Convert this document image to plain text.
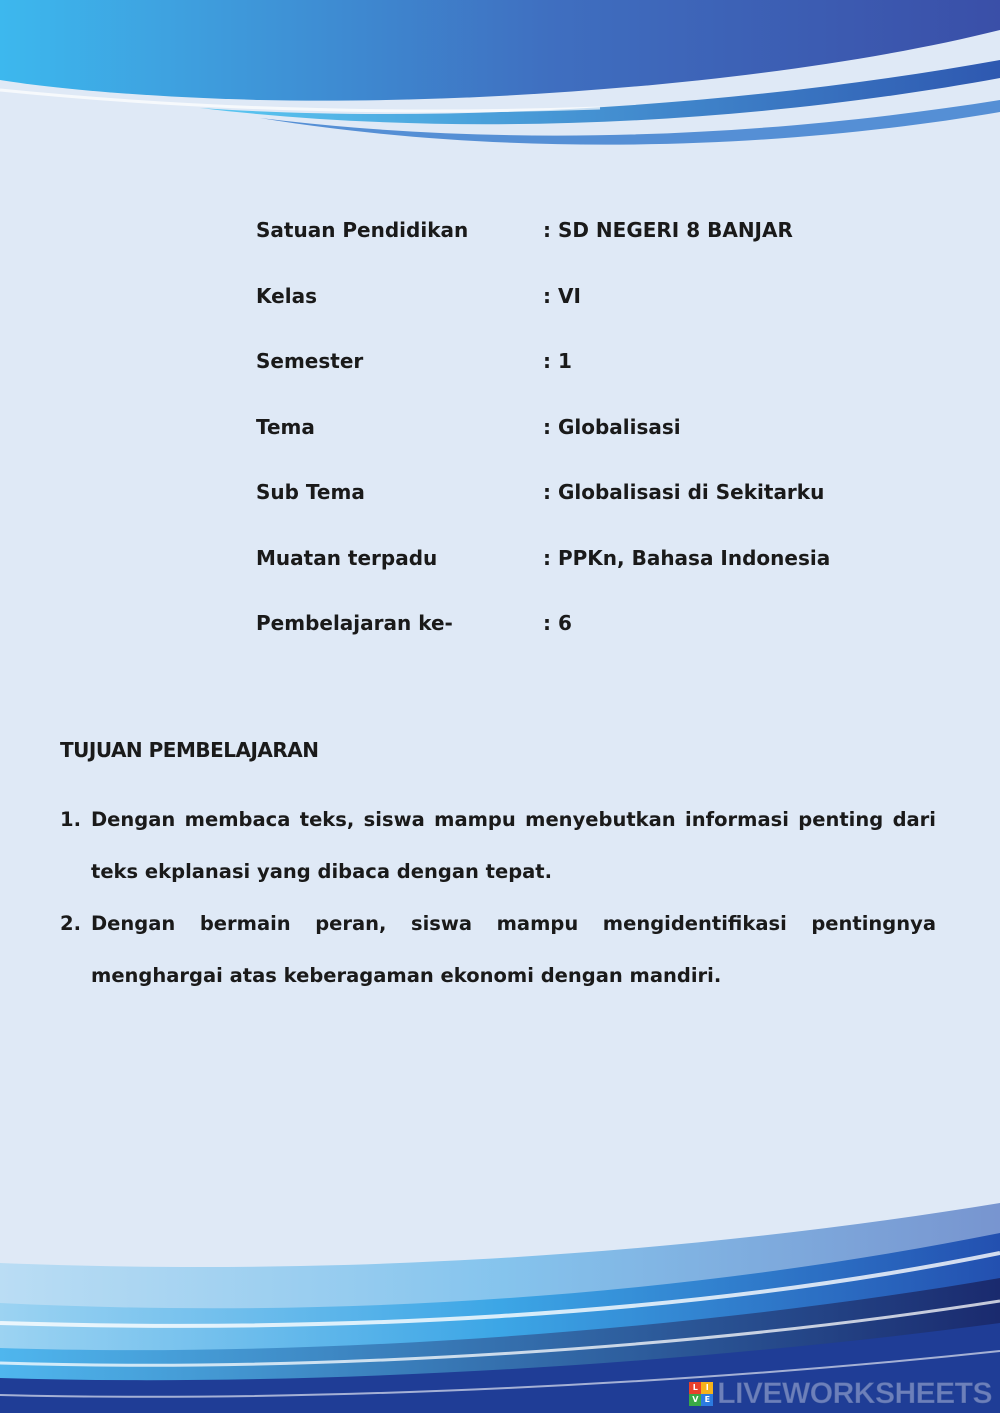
Satuan Pendidikan	: SD NEGERI 8 BANJAR
Kelas	: VI
Semester	: 1
Tema	: Globalisasi
Sub Tema	: Globalisasi di Sekitarku
Muatan terpadu	: PPKn, Bahasa Indonesia
Pembelajaran ke-	: 6
TUJUAN PEMBELAJARAN
1. Dengan membaca teks, siswa mampu menyebutkan informasi penting dari teks ekplanasi yang dibaca dengan tepat.
2. Dengan bermain peran, siswa mampu mengidentifikasi pentingnya menghargai atas keberagaman ekonomi dengan mandiri.
L I
V E LIVEWORKSHEETS
